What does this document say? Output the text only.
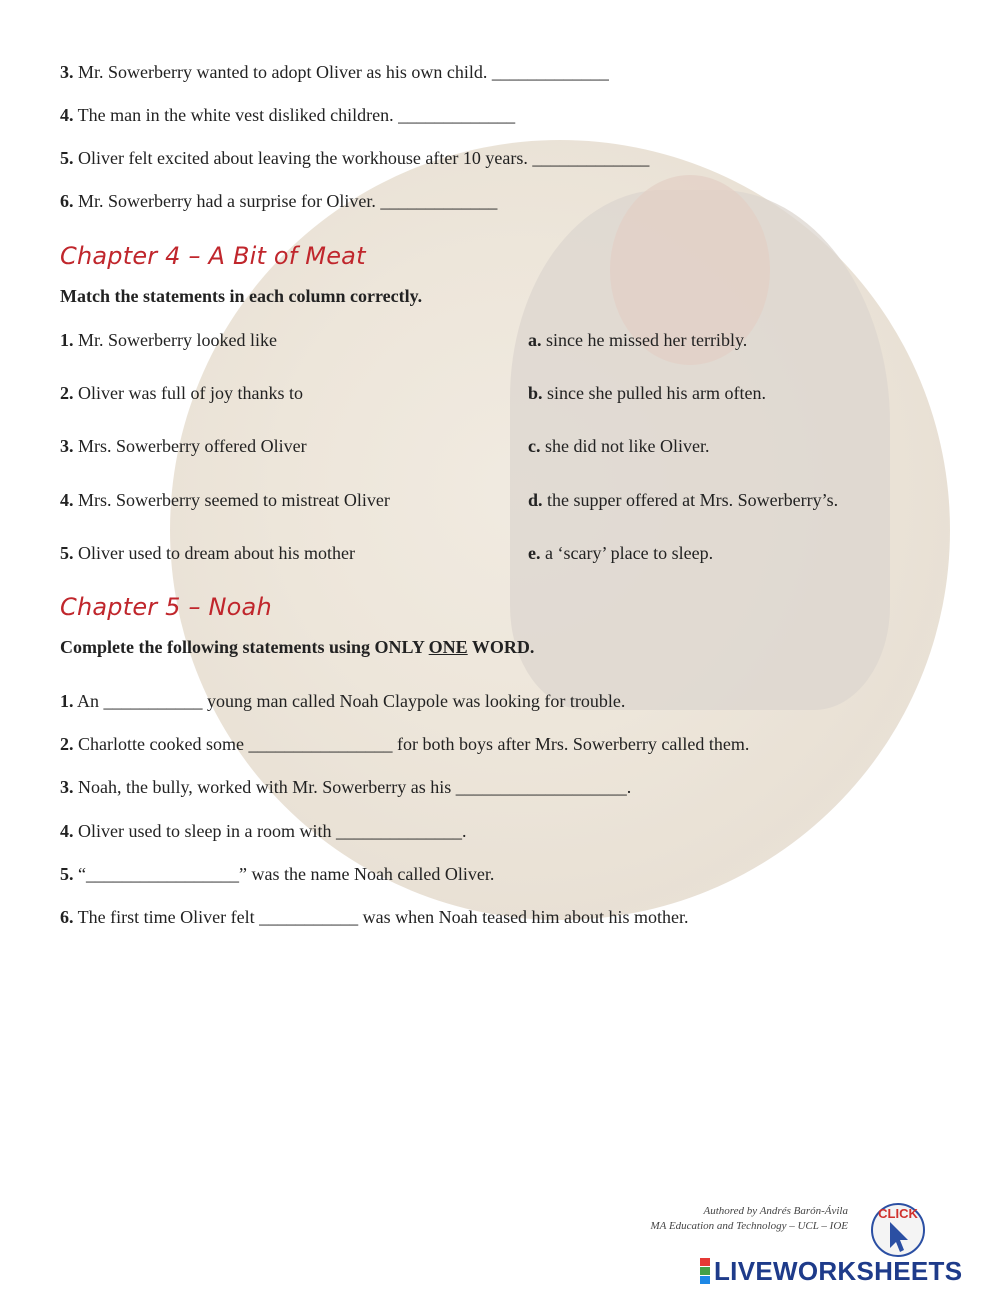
3. Mr. Sowerberry wanted to adopt Oliver as his own child. _____________
4. The man in the white vest disliked children. _____________
5. Oliver felt excited about leaving the workhouse after 10 years. _____________
6. Mr. Sowerberry had a surprise for Oliver. _____________
Chapter 4 – A Bit of Meat
Match the statements in each column correctly.
1. Mr. Sowerberry looked like
2. Oliver was full of joy thanks to
3. Mrs. Sowerberry offered Oliver
4. Mrs. Sowerberry seemed to mistreat Oliver
5. Oliver used to dream about his mother
a. since he missed her terribly.
b. since she pulled his arm often.
c. she did not like Oliver.
d. the supper offered at Mrs. Sowerberry’s.
e. a ‘scary’ place to sleep.
Chapter 5 – Noah
Complete the following statements using ONLY ONE WORD.
1. An ___________ young man called Noah Claypole was looking for trouble.
2. Charlotte cooked some ________________ for both boys after Mrs. Sowerberry called them.
3. Noah, the bully, worked with Mr. Sowerberry as his ___________________.
4. Oliver used to sleep in a room with ______________.
5. “_________________” was the name Noah called Oliver.
6. The first time Oliver felt ___________ was when Noah teased him about his mother.
Authored by Andrés Barón-Ávila
MA Education and Technology – UCL – IOE
CLICK
LIVEWORKSHEETS
